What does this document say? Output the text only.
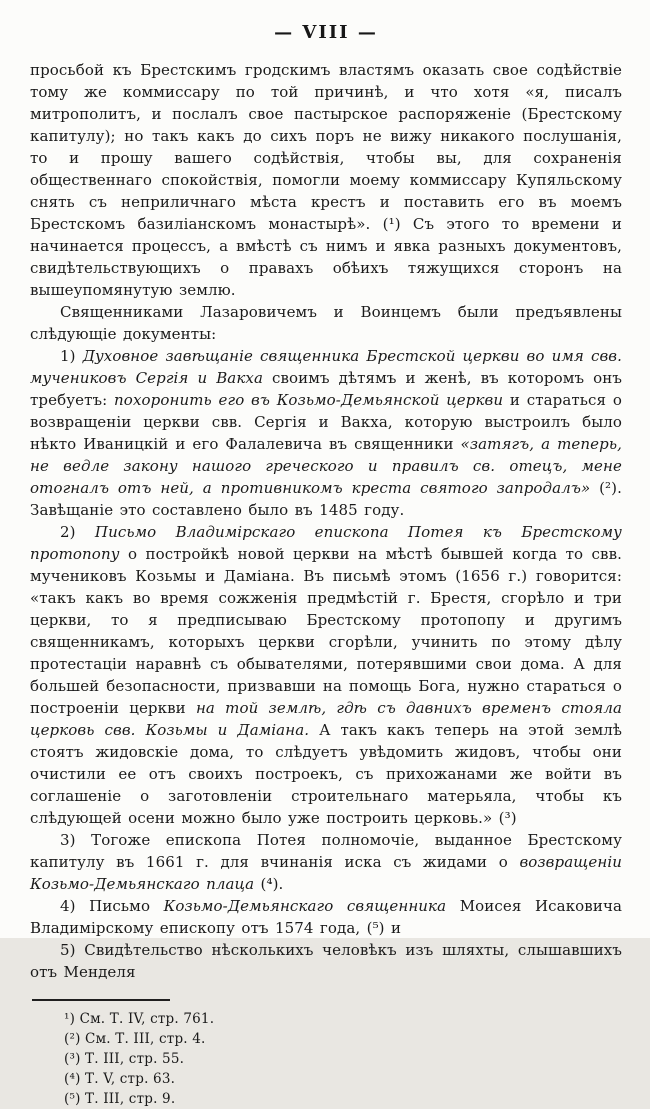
— VIII —

просьбой къ Брестскимъ гродскимъ властямъ оказать свое содѣйствіе тому же коммиссару по той причинѣ, и что хотя «я, писалъ митрополитъ, и послалъ свое пастырское распоряженіе (Брестскому капитулу); но такъ какъ до сихъ поръ не вижу никакого послушанія, то и прошу вашего содѣйствія, чтобы вы, для сохраненія общественнаго спокойствія, помогли моему коммиссару Купяльскому снять съ неприличнаго мѣста крестъ и поставить его въ моемъ Брестскомъ базиліанскомъ монастырѣ». (¹) Съ этого то времени и начинается процессъ, а вмѣстѣ съ нимъ и явка разныхъ документовъ, свидѣтельствующихъ о правахъ обѣихъ тяжущихся сторонъ на вышеупомянутую землю.

Священниками Лазаровичемъ и Воинцемъ были предъявлены слѣдующіе документы:

1) Духовное завѣщаніе священника Брестской церкви во имя свв. мучениковъ Сергія и Вакха своимъ дѣтямъ и женѣ, въ которомъ онъ требуетъ: похоронить его въ Козьмо-Демьянской церкви и стараться о возвращеніи церкви свв. Сергія и Вакха, которую выстроилъ было нѣкто Иваницкій и его Фалалевича въ священники «затягъ, а теперь, не ведле закону нашого греческого и правилъ св. отецъ, мене отогналъ отъ ней, а противникомъ креста святого запродалъ» (²). Завѣщаніе это составлено было въ 1485 году.

2) Письмо Владимірскаго епископа Потея къ Брестскому протопопу о постройкѣ новой церкви на мѣстѣ бывшей когда то свв. мучениковъ Козьмы и Даміана. Въ письмѣ этомъ (1656 г.) говорится: «такъ какъ во время сожженія предмѣстій г. Брестя, сгорѣло и три церкви, то я предписываю Брестскому протопопу и другимъ священникамъ, которыхъ церкви сгорѣли, учинить по этому дѣлу протестаціи наравнѣ съ обывателями, потерявшими свои дома. А для большей безопасности, призвавши на помощь Бога, нужно стараться о построеніи церкви на той землѣ, гдѣ съ давнихъ временъ стояла церковь свв. Козьмы и Даміана. А такъ какъ теперь на этой землѣ стоятъ жидовскіе дома, то слѣдуетъ увѣдомить жидовъ, чтобы они очистили ее отъ своихъ построекъ, съ прихожанами же войти въ соглашеніе о заготовленіи строительнаго матерьяла, чтобы къ слѣдующей осени можно было уже построить церковь.» (³)

3) Тогоже епископа Потея полномочіе, выданное Брестскому капитулу въ 1661 г. для вчинанія иска съ жидами о возвращеніи Козьмо-Демьянскаго плаца (⁴).

4) Письмо Козьмо-Демьянскаго священника Моисея Исаковича Владимірскому епископу отъ 1574 года, (⁵) и

5) Свидѣтельство нѣсколькихъ человѣкъ изъ шляхты, слышавшихъ отъ Менделя

¹) См. Т. IV, стр. 761.
(²) См. Т. III, стр. 4.
(³) Т. III, стр. 55.
(⁴) Т. V, стр. 63.
(⁵) Т. III, стр. 9.
